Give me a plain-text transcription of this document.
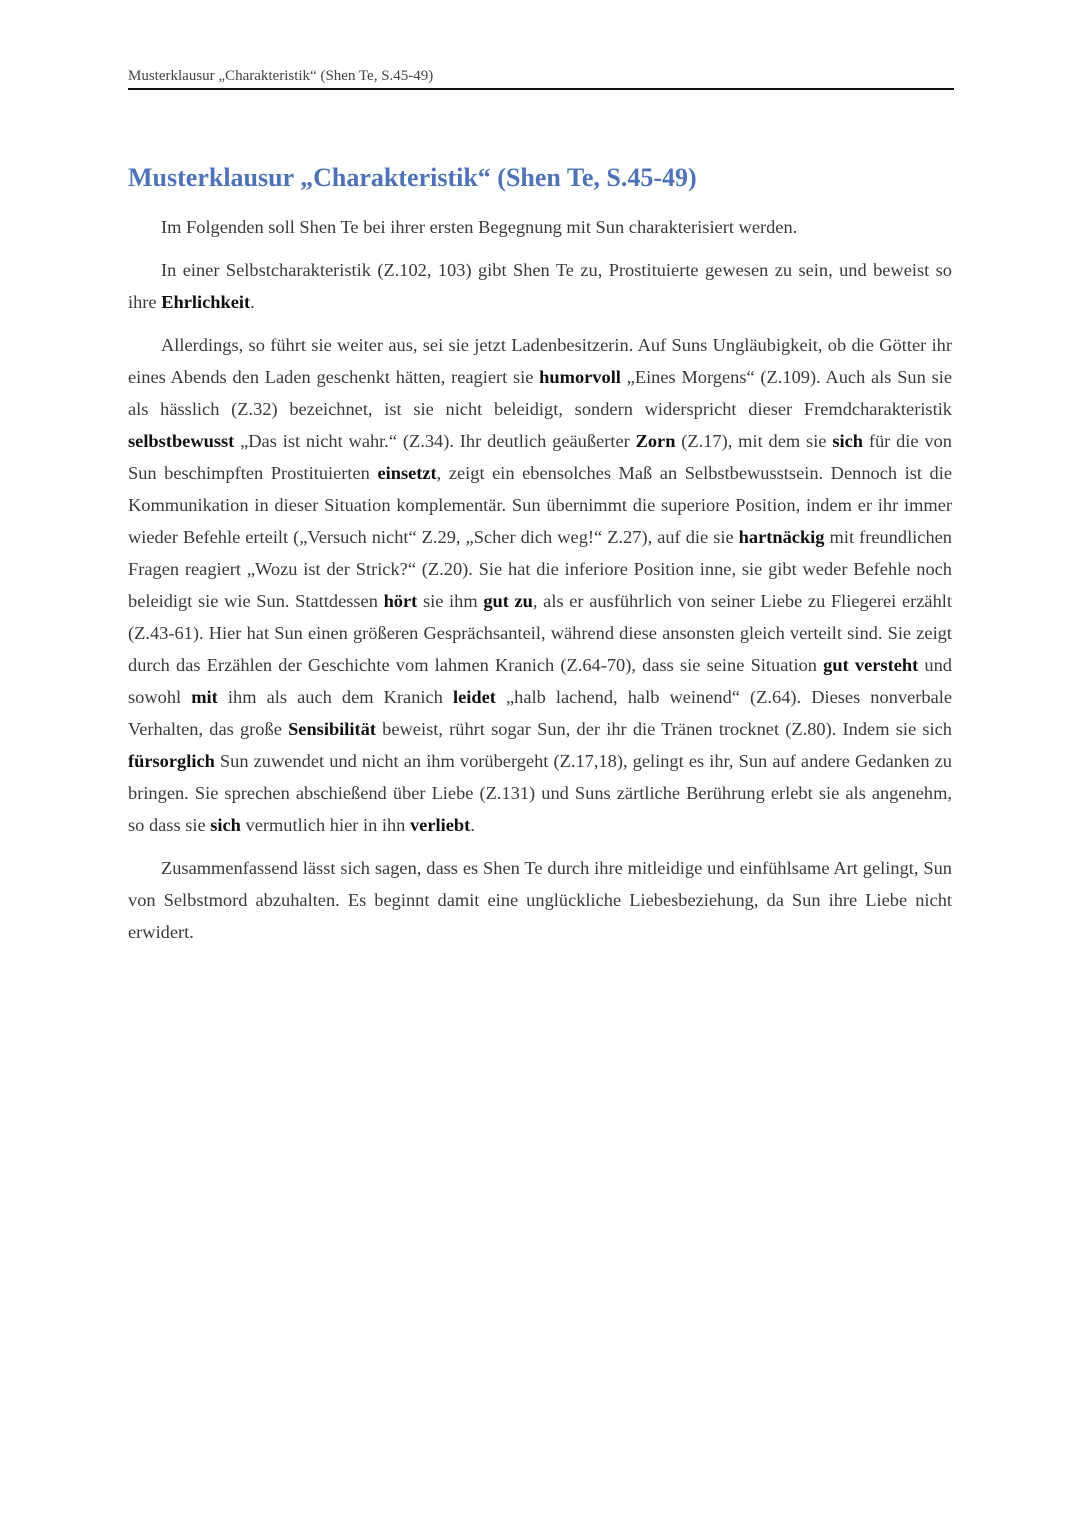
Musterklausur „Charakteristik“ (Shen Te, S.45-49)
Musterklausur „Charakteristik“ (Shen Te, S.45-49)

Im Folgenden soll Shen Te bei ihrer ersten Begegnung mit Sun charakterisiert werden.

In einer Selbstcharakteristik (Z.102, 103) gibt Shen Te zu, Prostituierte gewesen zu sein, und beweist so ihre Ehrlichkeit.

Allerdings, so führt sie weiter aus, sei sie jetzt Ladenbesitzerin. Auf Suns Ungläubigkeit, ob die Götter ihr eines Abends den Laden geschenkt hätten, reagiert sie humorvoll „Eines Morgens“ (Z.109). Auch als Sun sie als hässlich (Z.32) bezeichnet, ist sie nicht beleidigt, sondern widerspricht dieser Fremdcharakteristik selbstbewusst „Das ist nicht wahr.“ (Z.34). Ihr deutlich geäußerter Zorn (Z.17), mit dem sie sich für die von Sun beschimpften Prostituierten einsetzt, zeigt ein ebensolches Maß an Selbstbewusstsein. Dennoch ist die Kommunikation in dieser Situation komplementär. Sun übernimmt die superiore Position, indem er ihr immer wieder Befehle erteilt („Versuch nicht“ Z.29, „Scher dich weg!“ Z.27), auf die sie hartnäckig mit freundlichen Fragen reagiert „Wozu ist der Strick?“ (Z.20). Sie hat die inferiore Position inne, sie gibt weder Befehle noch beleidigt sie wie Sun. Stattdessen hört sie ihm gut zu, als er ausführlich von seiner Liebe zu Fliegerei erzählt (Z.43-61). Hier hat Sun einen größeren Gesprächsanteil, während diese ansonsten gleich verteilt sind. Sie zeigt durch das Erzählen der Geschichte vom lahmen Kranich (Z.64-70), dass sie seine Situation gut versteht und sowohl mit ihm als auch dem Kranich leidet „halb lachend, halb weinend“ (Z.64). Dieses nonverbale Verhalten, das große Sensibilität beweist, rührt sogar Sun, der ihr die Tränen trocknet (Z.80). Indem sie sich fürsorglich Sun zuwendet und nicht an ihm vorübergeht (Z.17,18), gelingt es ihr, Sun auf andere Gedanken zu bringen. Sie sprechen abschießend über Liebe (Z.131) und Suns zärtliche Berührung erlebt sie als angenehm, so dass sie sich vermutlich hier in ihn verliebt.

Zusammenfassend lässt sich sagen, dass es Shen Te durch ihre mitleidige und einfühlsame Art gelingt, Sun von Selbstmord abzuhalten. Es beginnt damit eine unglückliche Liebesbeziehung, da Sun ihre Liebe nicht erwidert.
